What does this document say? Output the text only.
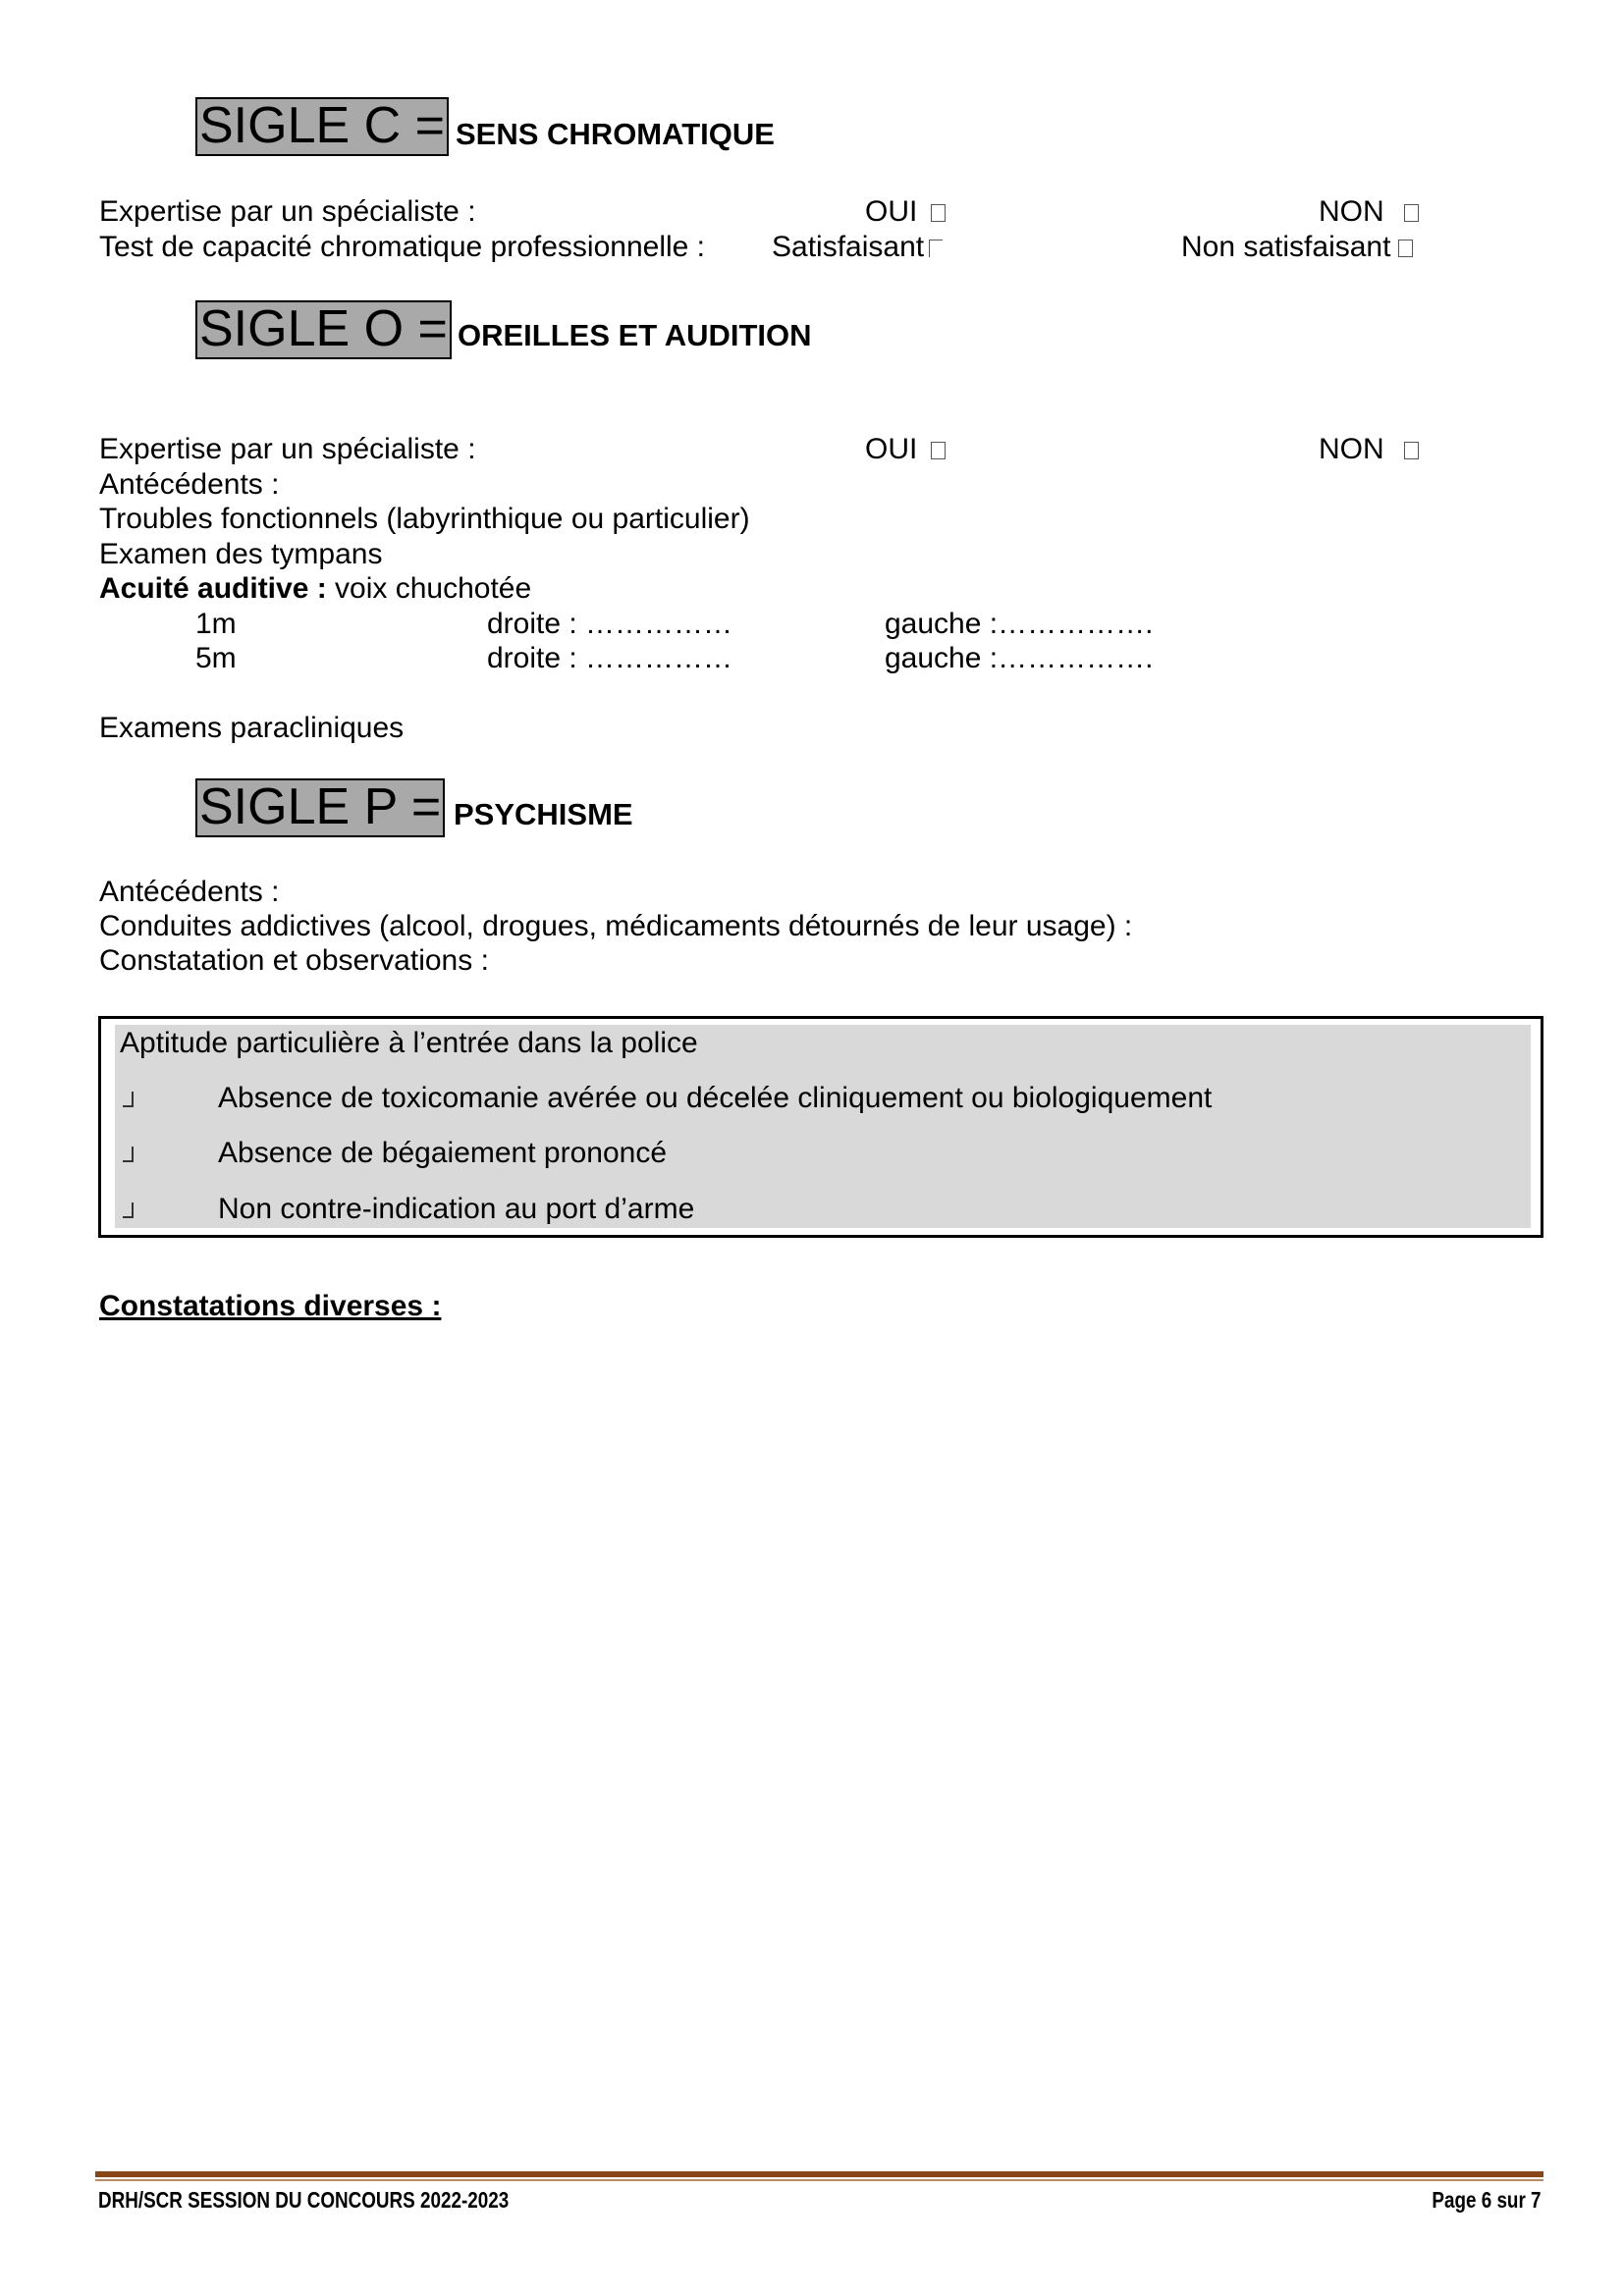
SIGLE C = SENS CHROMATIQUE
Expertise par un spécialiste :	OUI	NON
Test de capacité chromatique professionnelle : Satisfaisant	Non satisfaisant
SIGLE O = OREILLES ET AUDITION
Expertise par un spécialiste :	OUI	NON
Antécédents :
Troubles fonctionnels (labyrinthique ou particulier)
Examen des tympans
Acuité auditive : voix chuchotée
1m	droite : ……………	gauche :…………….
5m	droite : ……………	gauche :…………….
Examens paracliniques
SIGLE P = PSYCHISME
Antécédents :
Conduites addictives (alcool, drogues, médicaments détournés de leur usage) :
Constatation et observations :
Aptitude particulière à l’entrée dans la police
Absence de toxicomanie avérée ou décelée cliniquement ou biologiquement
Absence de bégaiement prononcé
Non contre-indication au port d’arme
Constatations diverses :
DRH/SCR SESSION DU CONCOURS 2022-2023	Page 6 sur 7
